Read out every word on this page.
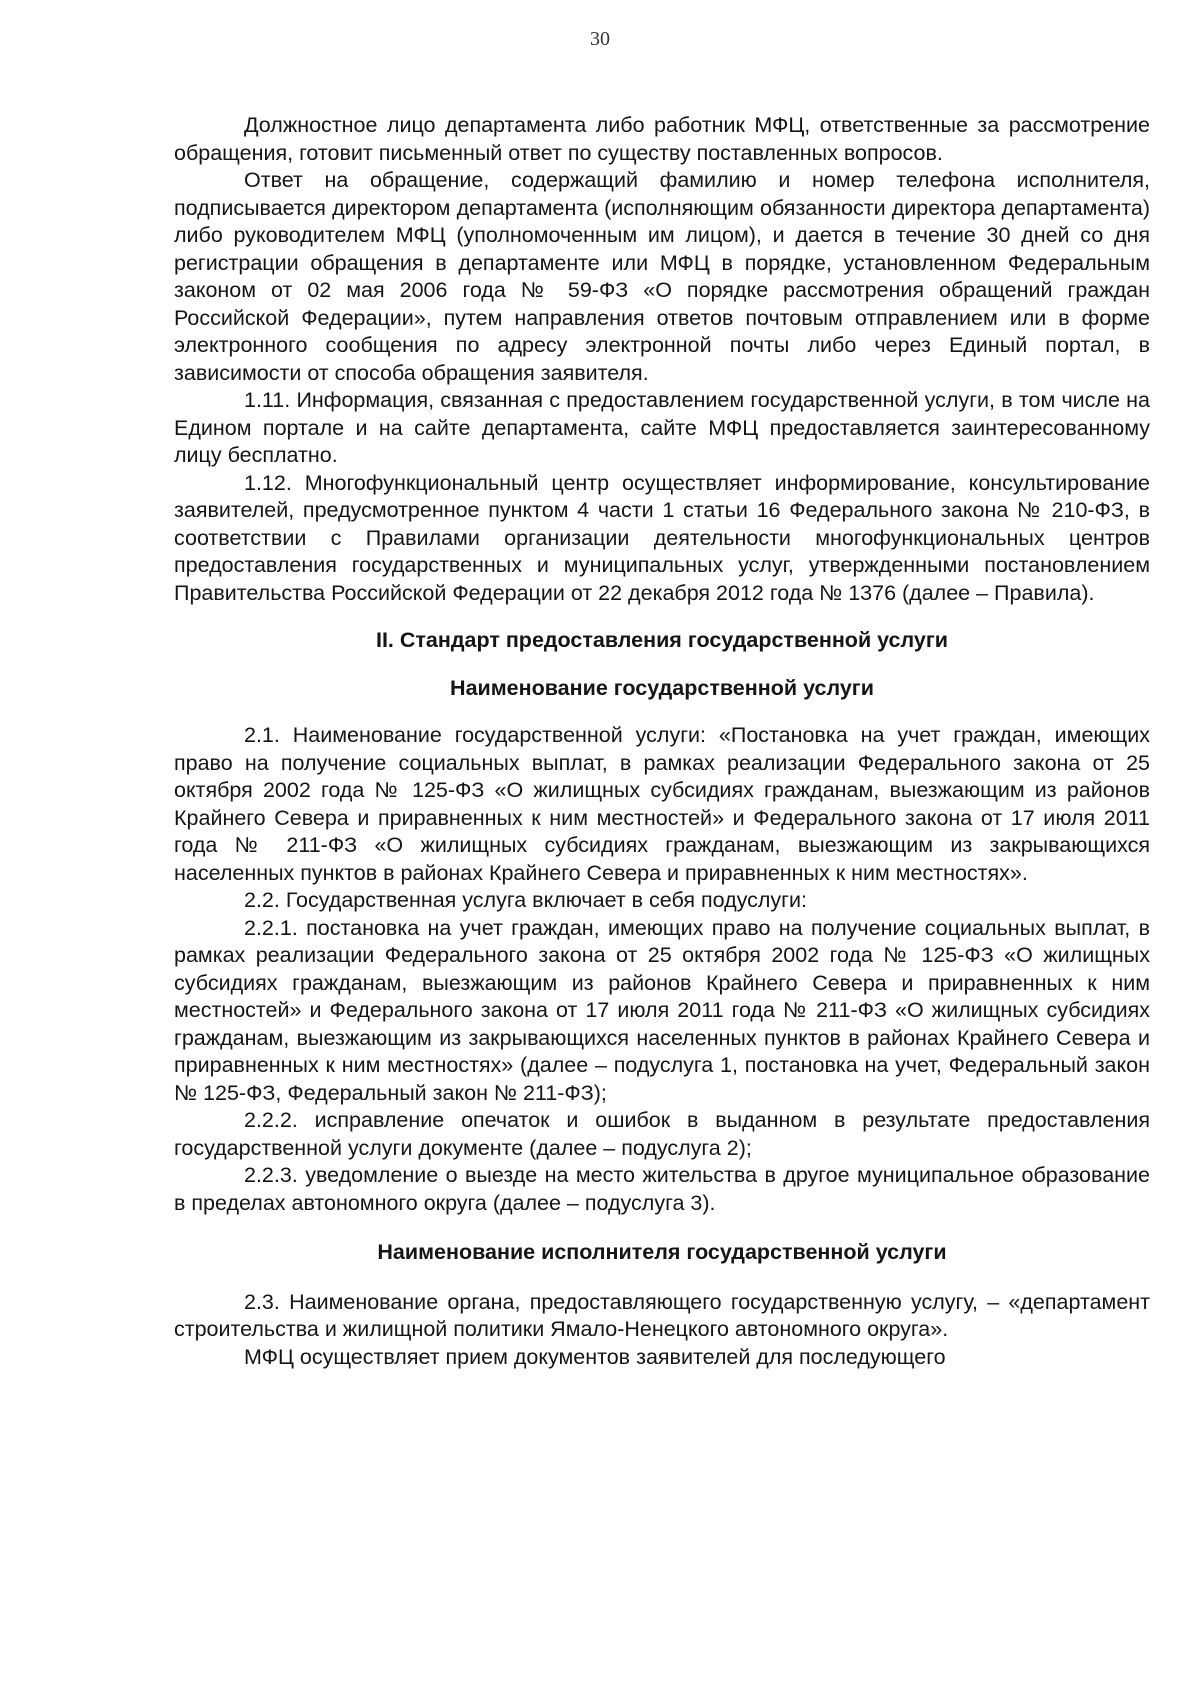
30

Должностное лицо департамента либо работник МФЦ, ответственные за рассмотрение обращения, готовит письменный ответ по существу поставленных вопросов.

Ответ на обращение, содержащий фамилию и номер телефона исполнителя, подписывается директором департамента (исполняющим обязанности директора департамента) либо руководителем МФЦ (уполномоченным им лицом), и дается в течение 30 дней со дня регистрации обращения в департаменте или МФЦ в порядке, установленном Федеральным законом от 02 мая 2006 года № 59-ФЗ «О порядке рассмотрения обращений граждан Российской Федерации», путем направления ответов почтовым отправлением или в форме электронного сообщения по адресу электронной почты либо через Единый портал, в зависимости от способа обращения заявителя.

1.11. Информация, связанная с предоставлением государственной услуги, в том числе на Едином портале и на сайте департамента, сайте МФЦ предоставляется заинтересованному лицу бесплатно.

1.12. Многофункциональный центр осуществляет информирование, консультирование заявителей, предусмотренное пунктом 4 части 1 статьи 16 Федерального закона № 210-ФЗ, в соответствии с Правилами организации деятельности многофункциональных центров предоставления государственных и муниципальных услуг, утвержденными постановлением Правительства Российской Федерации от 22 декабря 2012 года № 1376 (далее – Правила).

II. Стандарт предоставления государственной услуги
Наименование государственной услуги

2.1. Наименование государственной услуги: «Постановка на учет граждан, имеющих право на получение социальных выплат, в рамках реализации Федерального закона от 25 октября 2002 года № 125-ФЗ «О жилищных субсидиях гражданам, выезжающим из районов Крайнего Севера и приравненных к ним местностей» и Федерального закона от 17 июля 2011 года № 211-ФЗ «О жилищных субсидиях гражданам, выезжающим из закрывающихся населенных пунктов в районах Крайнего Севера и приравненных к ним местностях».

2.2. Государственная услуга включает в себя подуслуги:

2.2.1. постановка на учет граждан, имеющих право на получение социальных выплат, в рамках реализации Федерального закона от 25 октября 2002 года № 125-ФЗ «О жилищных субсидиях гражданам, выезжающим из районов Крайнего Севера и приравненных к ним местностей» и Федерального закона от 17 июля 2011 года № 211-ФЗ «О жилищных субсидиях гражданам, выезжающим из закрывающихся населенных пунктов в районах Крайнего Севера и приравненных к ним местностях» (далее – подуслуга 1, постановка на учет, Федеральный закон № 125-ФЗ, Федеральный закон № 211-ФЗ);

2.2.2. исправление опечаток и ошибок в выданном в результате предоставления государственной услуги документе (далее – подуслуга 2);

2.2.3. уведомление о выезде на место жительства в другое муниципальное образование в пределах автономного округа (далее – подуслуга 3).

Наименование исполнителя государственной услуги

2.3. Наименование органа, предоставляющего государственную услугу, – «департамент строительства и жилищной политики Ямало-Ненецкого автономного округа».

МФЦ осуществляет прием документов заявителей для последующего
